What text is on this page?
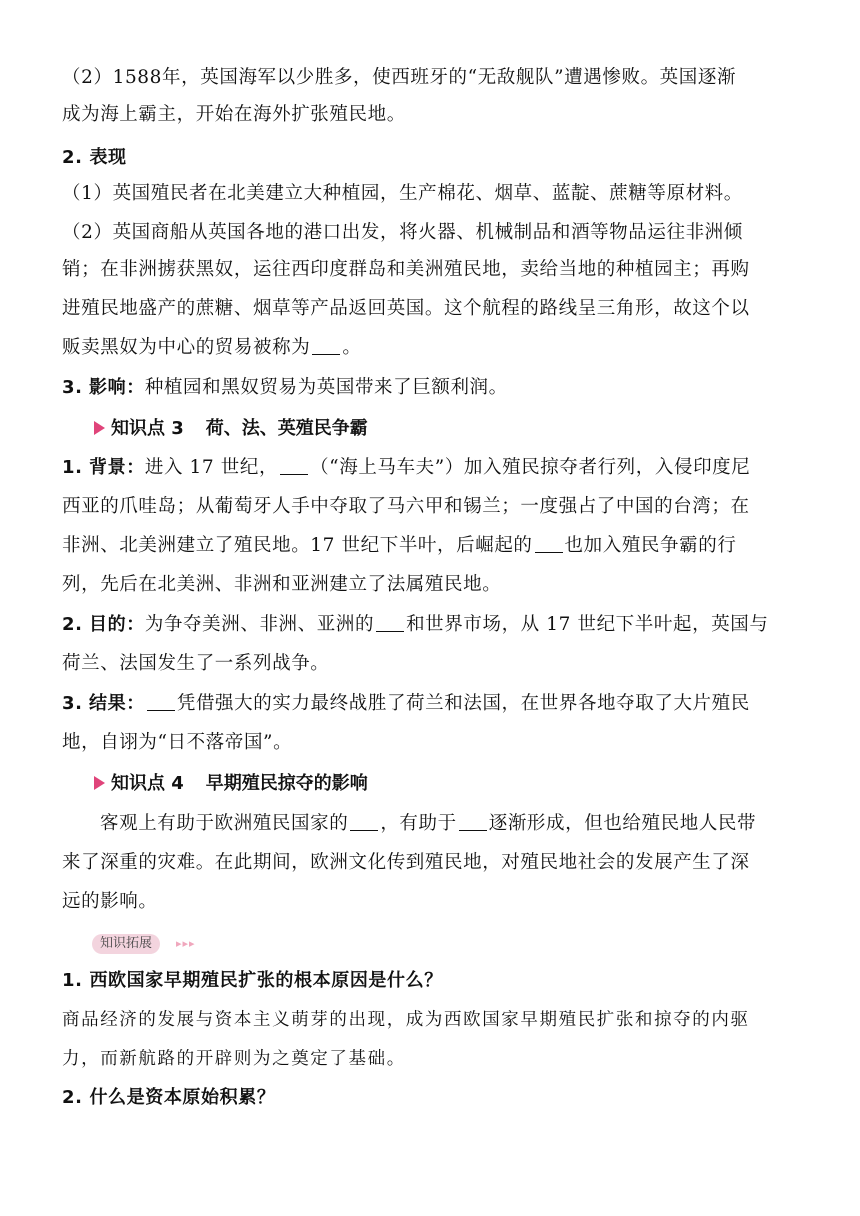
（2）1588年，英国海军以少胜多，使西班牙的“无敌舰队”遭遇惨败。英国逐渐
成为海上霸主，开始在海外扩张殖民地。
2. 表现
（1）英国殖民者在北美建立大种植园，生产棉花、烟草、蓝靛、蔗糖等原材料。
（2）英国商船从英国各地的港口出发，将火器、机械制品和酒等物品运往非洲倾
销；在非洲掳获黑奴，运往西印度群岛和美洲殖民地，卖给当地的种植园主；再购
进殖民地盛产的蔗糖、烟草等产品返回英国。这个航程的路线呈三角形，故这个以
贩卖黑奴为中心的贸易被称为 。
3. 影响：种植园和黑奴贸易为英国带来了巨额利润。
知识点 3 荷、法、英殖民争霸
1. 背景：进入 17 世纪， （“海上马车夫”）加入殖民掠夺者行列，入侵印度尼
西亚的爪哇岛；从葡萄牙人手中夺取了马六甲和锡兰；一度强占了中国的台湾；在
非洲、北美洲建立了殖民地。17 世纪下半叶，后崛起的 也加入殖民争霸的行
列，先后在北美洲、非洲和亚洲建立了法属殖民地。
2. 目的：为争夺美洲、非洲、亚洲的 和世界市场，从 17 世纪下半叶起，英国与
荷兰、法国发生了一系列战争。
3. 结果： 凭借强大的实力最终战胜了荷兰和法国，在世界各地夺取了大片殖民
地，自诩为“日不落帝国”。
知识点 4 早期殖民掠夺的影响
客观上有助于欧洲殖民国家的 ，有助于 逐渐形成，但也给殖民地人民带
来了深重的灾难。在此期间，欧洲文化传到殖民地，对殖民地社会的发展产生了深
远的影响。
知识拓展	▸▸▸
1. 西欧国家早期殖民扩张的根本原因是什么？
商品经济的发展与资本主义萌芽的出现，成为西欧国家早期殖民扩张和掠夺的内驱
力，而新航路的开辟则为之奠定了基础。
2. 什么是资本原始积累？
